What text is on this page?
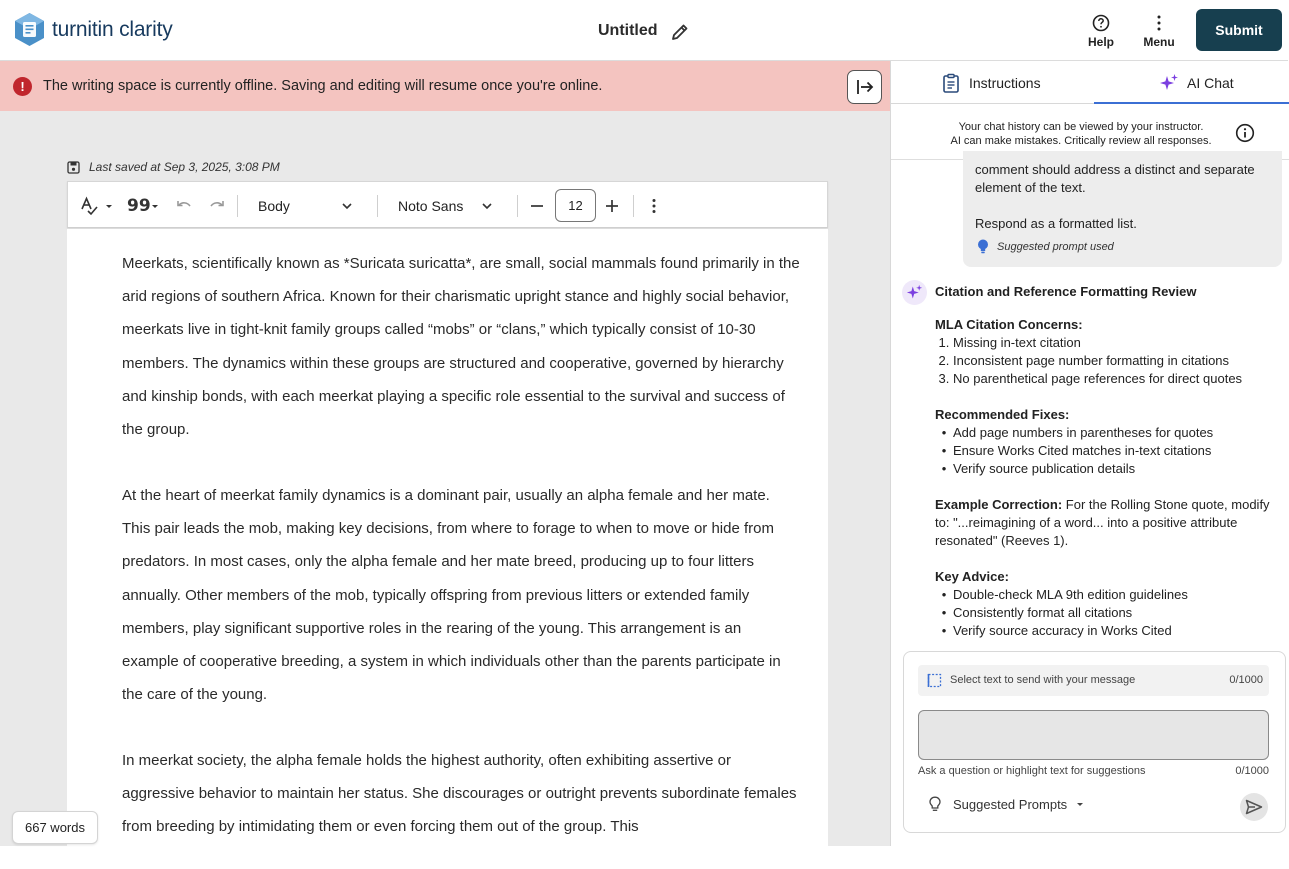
turnitin clarity	Untitled
Help Menu
Submit
!	The writing space is currently offline. Saving and editing will resume once you're online.
Last saved at Sep 3, 2025, 3:08 PM
99	Body	Noto Sans	12

Meerkats, scientifically known as *Suricata suricatta*, are small, social mammals found primarily in the arid regions of southern Africa. Known for their charismatic upright stance and highly social behavior, meerkats live in tight-knit family groups called “mobs” or “clans,” which typically consist of 10-30 members. The dynamics within these groups are structured and cooperative, governed by hierarchy and kinship bonds, with each meerkat playing a specific role essential to the survival and success of the group.

At the heart of meerkat family dynamics is a dominant pair, usually an alpha female and her mate. This pair leads the mob, making key decisions, from where to forage to when to move or hide from predators. In most cases, only the alpha female and her mate breed, producing up to four litters annually. Other members of the mob, typically offspring from previous litters or extended family members, play significant supportive roles in the rearing of the young. This arrangement is an example of cooperative breeding, a system in which individuals other than the parents participate in the care of the young.

In meerkat society, the alpha female holds the highest authority, often exhibiting assertive or aggressive behavior to maintain her status. She discourages or outright prevents subordinate females from breeding by intimidating them or even forcing them out of the group. This

667 words
Instructions	AI Chat
Your chat history can be viewed by your instructor.
AI can make mistakes. Critically review all responses.
comment should address a distinct and separate
element of the text.
Respond as a formatted list.
Suggested prompt used
Citation and Reference Formatting Review
MLA Citation Concerns:
1. Missing in-text citation
2. Inconsistent page number formatting in citations
3. No parenthetical page references for direct quotes
Recommended Fixes:
• Add page numbers in parentheses for quotes
• Ensure Works Cited matches in-text citations
• Verify source publication details
Example Correction: For the Rolling Stone quote, modify to: "...reimagining of a word... into a positive attribute resonated" (Reeves 1).
Key Advice:
• Double-check MLA 9th edition guidelines
• Consistently format all citations
• Verify source accuracy in Works Cited
Select text to send with your message	0/1000
Ask a question or highlight text for suggestions	0/1000
Suggested Prompts
